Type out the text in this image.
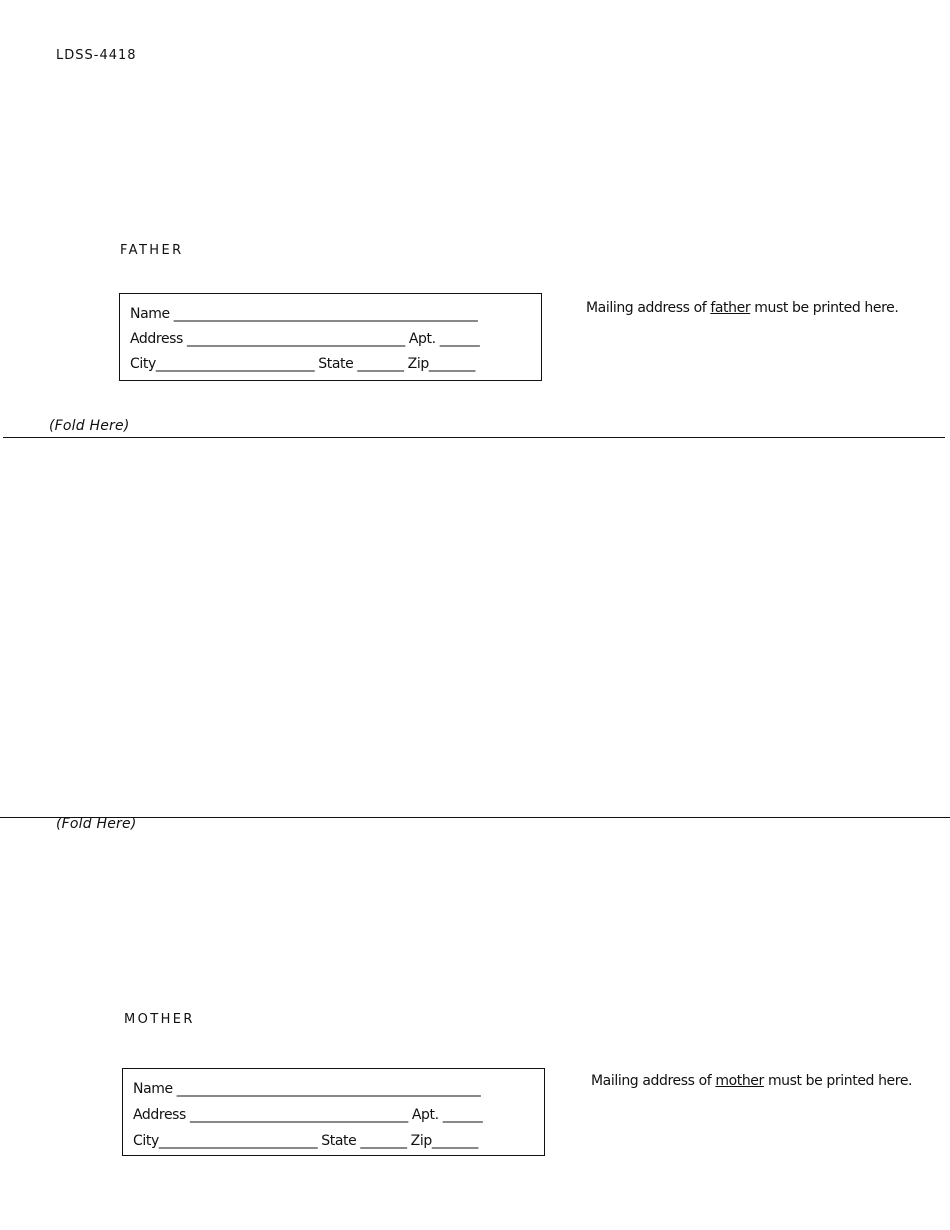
LDSS-4418
FATHER
Name ______________________________________________
Address _________________________________ Apt. ______
City________________________ State _______ Zip_______
Mailing address of father must be printed here.
(Fold Here)
(Fold Here)
MOTHER
Name ______________________________________________
Address _________________________________ Apt. ______
City________________________ State _______ Zip_______
Mailing address of mother must be printed here.
